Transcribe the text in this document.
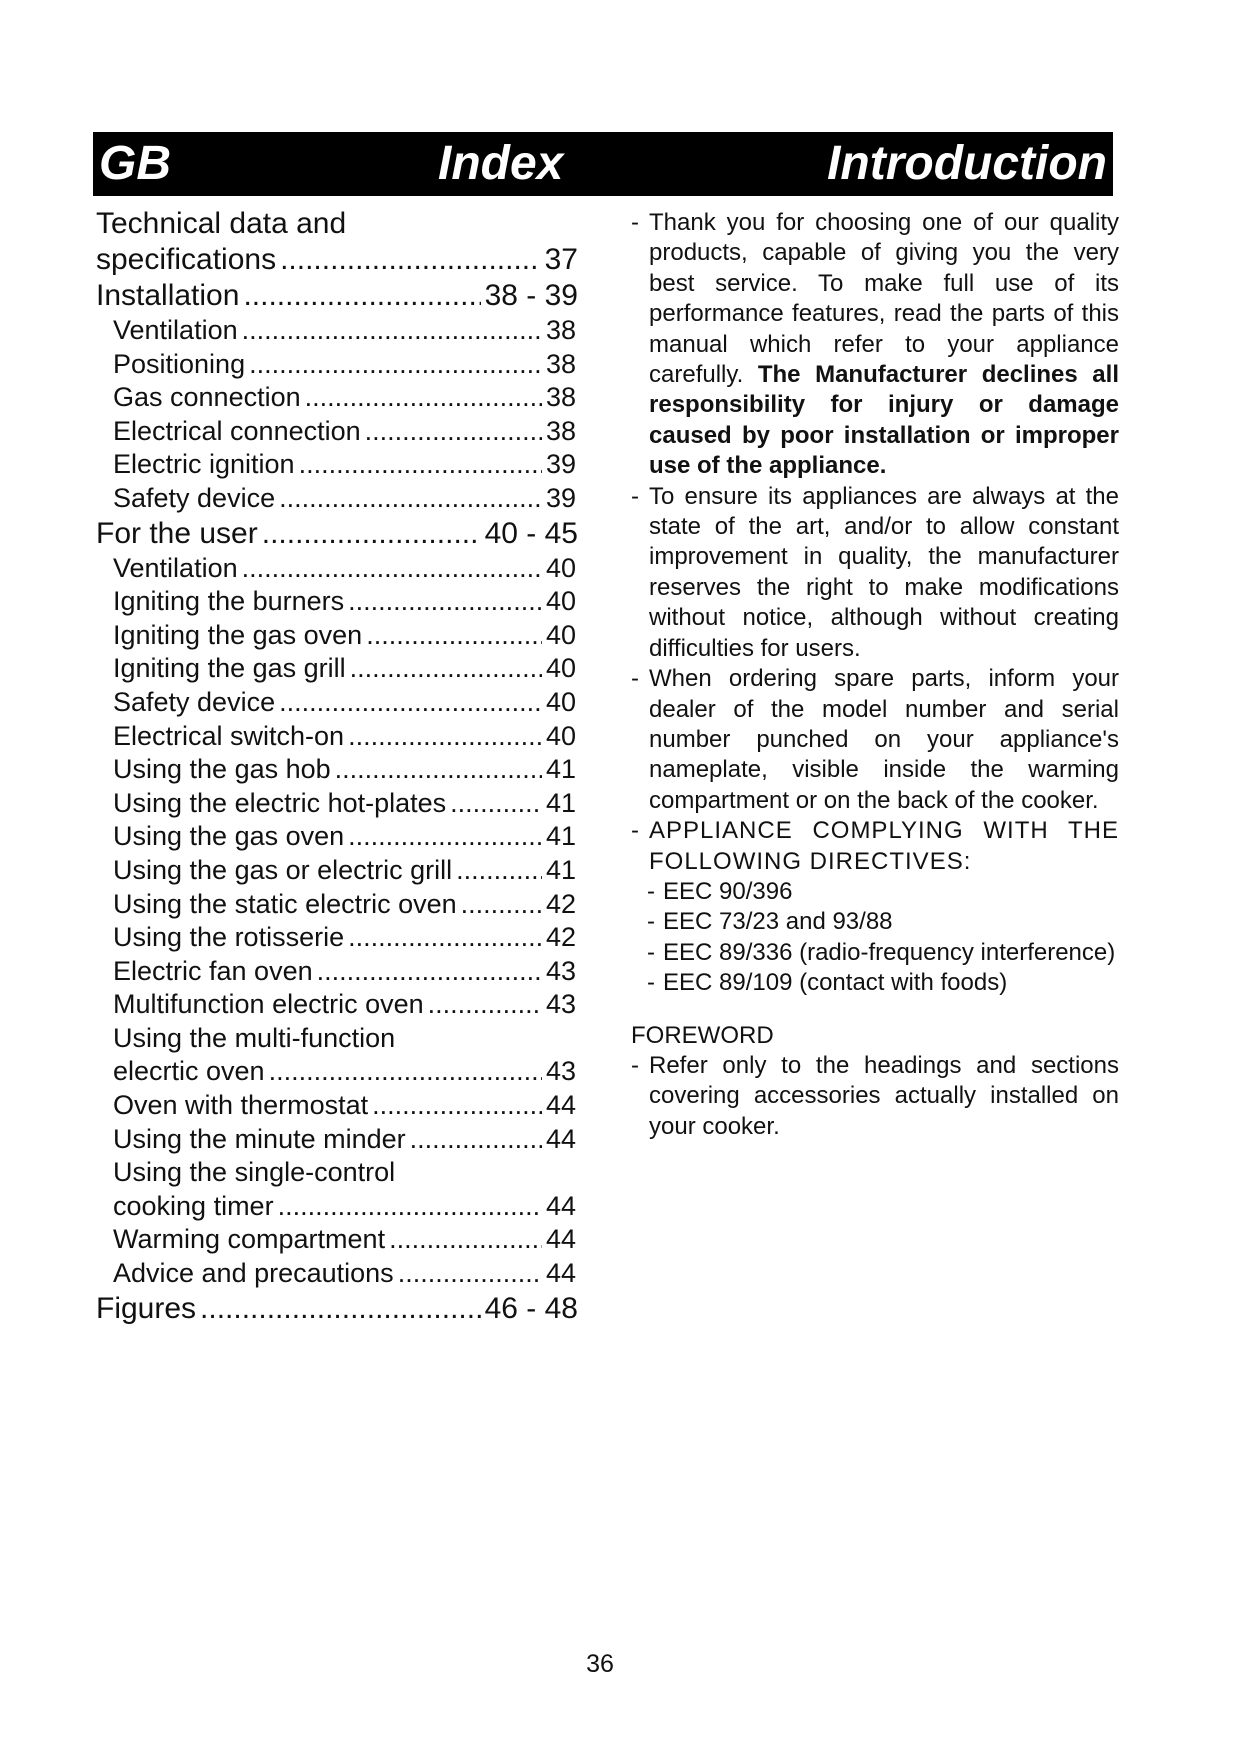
GB	Index	Introduction
Technical data and
specifications .....	37
Installation .....	38 - 39
Ventilation .....	38
Positioning .....	38
Gas connection .....	38
Electrical connection .....	38
Electric ignition .....	39
Safety device .....	39
For the user .....	40 - 45
Ventilation .....	40
Igniting the burners .....	40
Igniting the gas oven .....	40
Igniting the gas grill .....	40
Safety device .....	40
Electrical switch-on .....	40
Using the gas hob .....	41
Using the electric hot-plates .....	41
Using the gas oven .....	41
Using the gas or electric grill .....	41
Using the static electric oven .....	42
Using the rotisserie .....	42
Electric fan oven .....	43
Multifunction electric oven .....	43
Using the multi-function
elecrtic oven .....	43
Oven with thermostat .....	44
Using the minute minder .....	44
Using the single-control
cooking timer .....	44
Warming compartment .....	44
Advice and precautions .....	44
Figures .....	46 - 48

- Thank you for choosing one of our quality products, capable of giving you the very best service. To make full use of its performance features, read the parts of this manual which refer to your appliance carefully. The Manufacturer declines all responsibility for injury or damage caused by poor installation or improper use of the appliance.

- To ensure its appliances are always at the state of the art, and/or to allow constant improvement in quality, the manufacturer reserves the right to make modifications without notice, although without creating difficulties for users.

- When ordering spare parts, inform your dealer of the model number and serial number punched on your appliance's nameplate, visible inside the warming compartment or on the back of the cooker.

- APPLIANCE COMPLYING WITH THE FOLLOWING DIRECTIVES:

- EEC 90/396

- EEC 73/23 and 93/88

- EEC 89/336 (radio-frequency interference)

- EEC 89/109 (contact with foods)

FOREWORD

- Refer only to the headings and sections covering accessories actually installed on your cooker.

36
